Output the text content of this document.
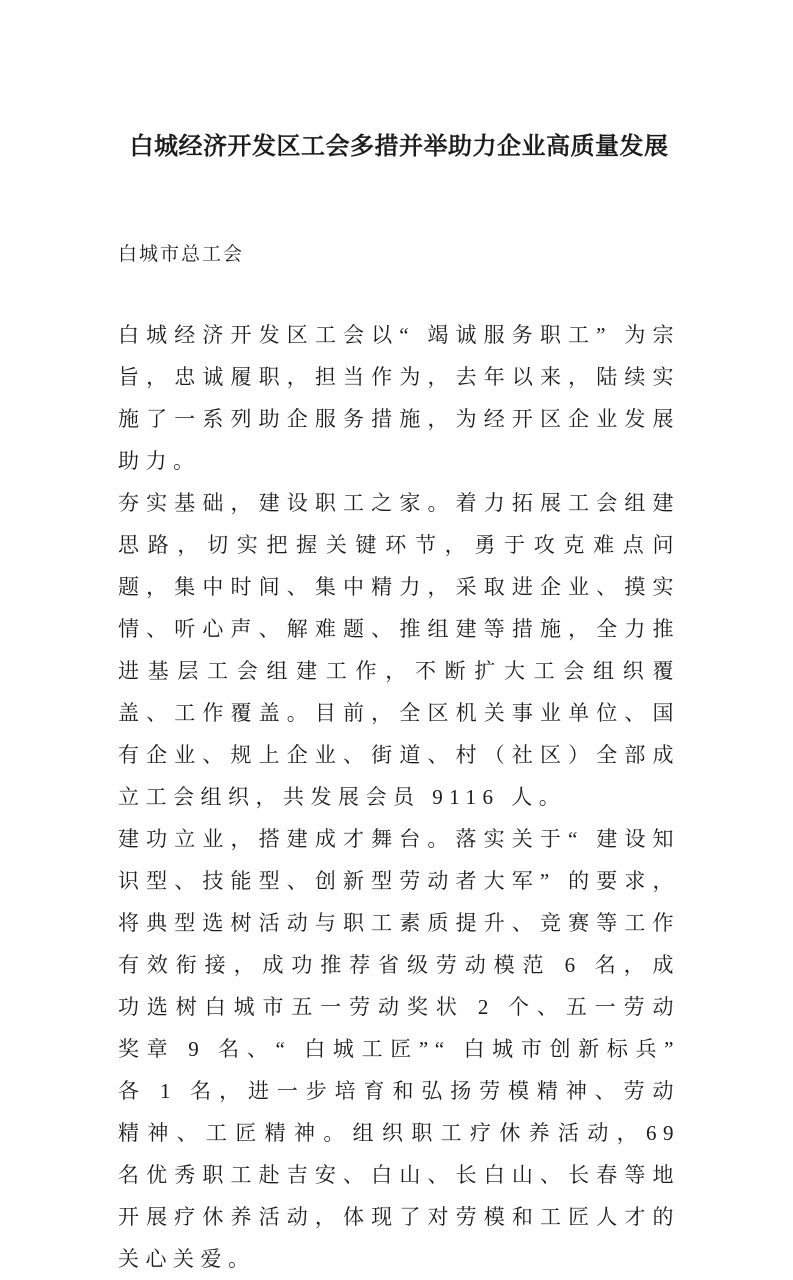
白城经济开发区工会多措并举助力企业高质量发展

白城市总工会

白城经济开发区工会以“ 竭诚服务职工” 为宗旨，忠诚履职，担当作为，去年以来，陆续实施了一系列助企服务措施，为经开区企业发展助力。

夯实基础，建设职工之家。着力拓展工会组建思路，切实把握关键环节，勇于攻克难点问题，集中时间、集中精力，采取进企业、摸实情、听心声、解难题、推组建等措施，全力推进基层工会组建工作，不断扩大工会组织覆盖、工作覆盖。目前，全区机关事业单位、国有企业、规上企业、街道、村（社区）全部成立工会组织，共发展会员 9116 人。

建功立业，搭建成才舞台。落实关于“ 建设知识型、技能型、创新型劳动者大军” 的要求，将典型选树活动与职工素质提升、竞赛等工作有效衔接，成功推荐省级劳动模范 6 名，成功选树白城市五一劳动奖状 2 个、五一劳动奖章 9 名、“ 白城工匠”“ 白城市创新标兵” 各 1 名，进一步培育和弘扬劳模精神、劳动精神、工匠精神。组织职工疗休养活动，69 名优秀职工赴吉安、白山、长白山、长春等地开展疗休养活动，体现了对劳模和工匠人才的关心关爱。
